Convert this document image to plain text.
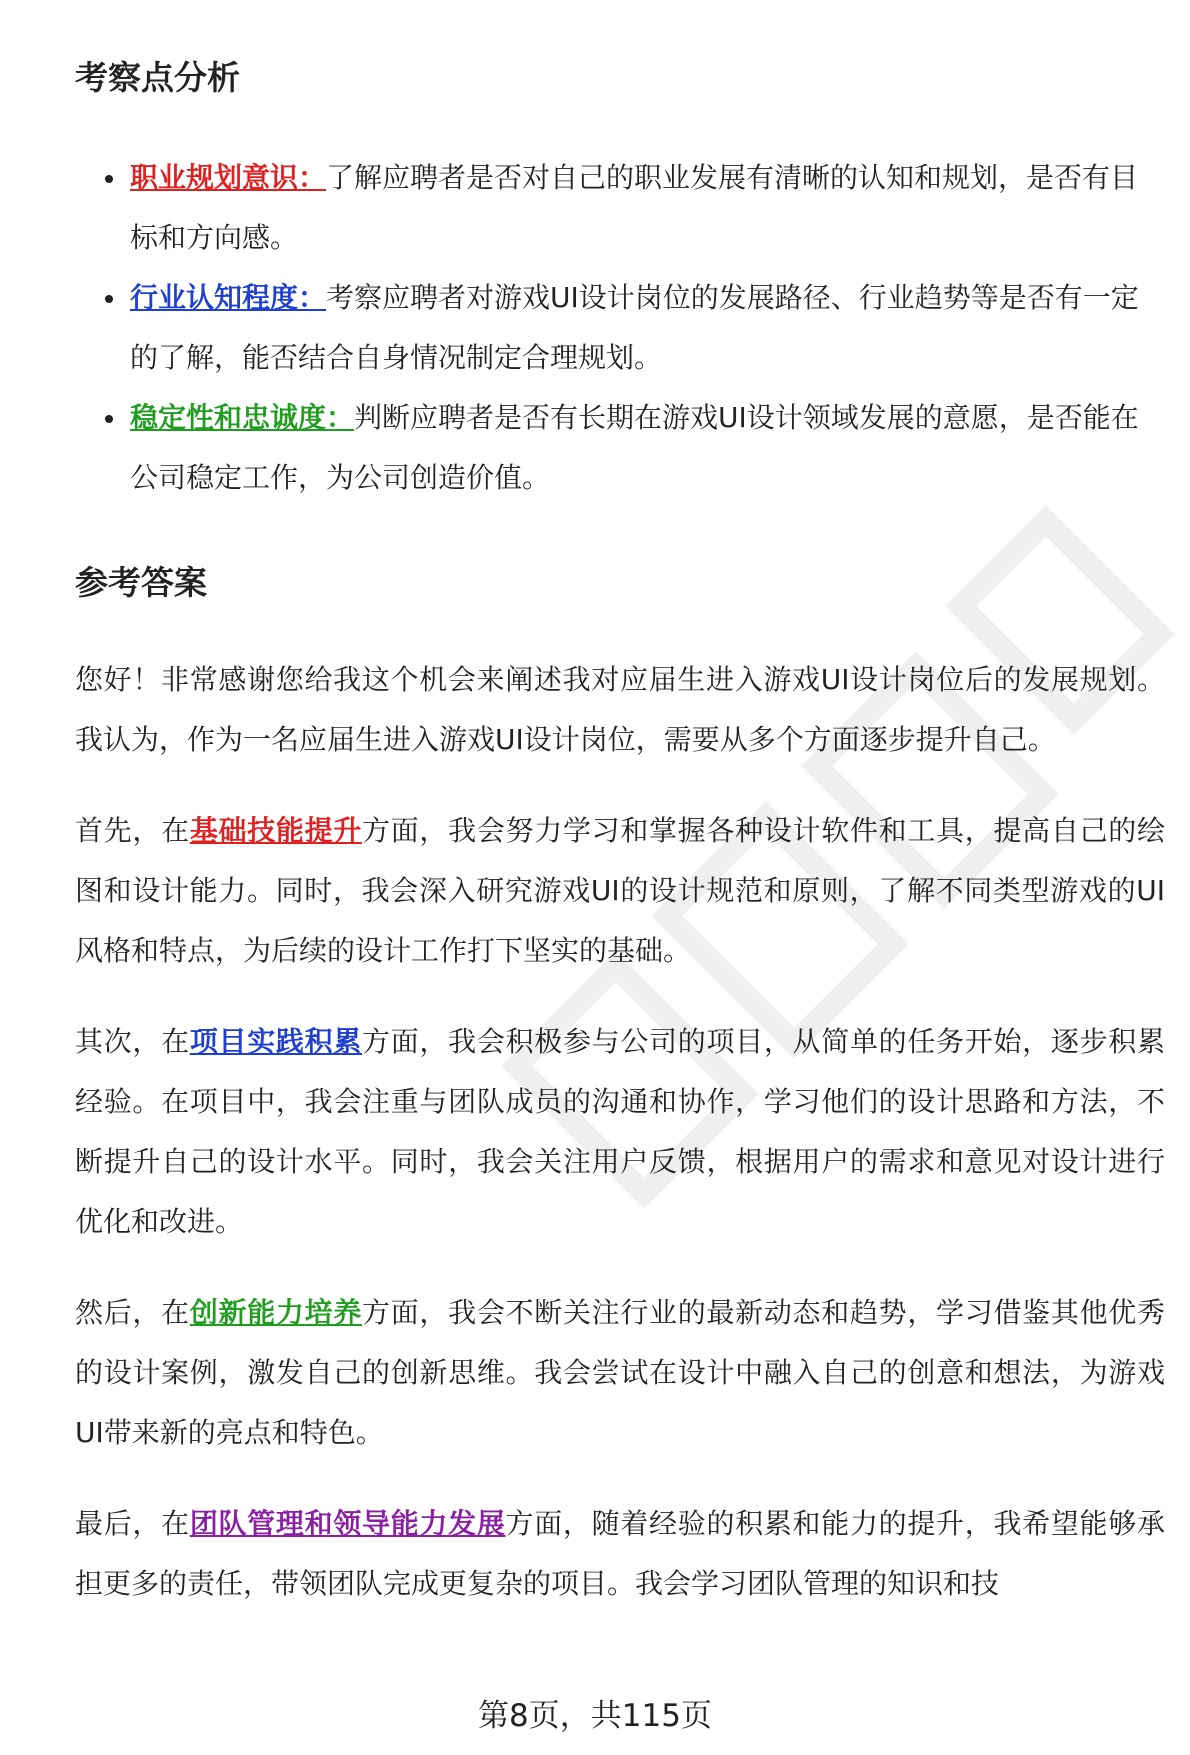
考察点分析
职业规划意识：了解应聘者是否对自己的职业发展有清晰的认知和规划，是否有目标和方向感。
行业认知程度：考察应聘者对游戏UI设计岗位的发展路径、行业趋势等是否有一定的了解，能否结合自身情况制定合理规划。
稳定性和忠诚度：判断应聘者是否有长期在游戏UI设计领域发展的意愿，是否能在公司稳定工作，为公司创造价值。
参考答案

您好！非常感谢您给我这个机会来阐述我对应届生进入游戏UI设计岗位后的发展规划。我认为，作为一名应届生进入游戏UI设计岗位，需要从多个方面逐步提升自己。

首先，在基础技能提升方面，我会努力学习和掌握各种设计软件和工具，提高自己的绘图和设计能力。同时，我会深入研究游戏UI的设计规范和原则，了解不同类型游戏的UI风格和特点，为后续的设计工作打下坚实的基础。

其次，在项目实践积累方面，我会积极参与公司的项目，从简单的任务开始，逐步积累经验。在项目中，我会注重与团队成员的沟通和协作，学习他们的设计思路和方法，不断提升自己的设计水平。同时，我会关注用户反馈，根据用户的需求和意见对设计进行优化和改进。

然后，在创新能力培养方面，我会不断关注行业的最新动态和趋势，学习借鉴其他优秀的设计案例，激发自己的创新思维。我会尝试在设计中融入自己的创意和想法，为游戏UI带来新的亮点和特色。

最后，在团队管理和领导能力发展方面，随着经验的积累和能力的提升，我希望能够承担更多的责任，带领团队完成更复杂的项目。我会学习团队管理的知识和技

第8页，共115页
